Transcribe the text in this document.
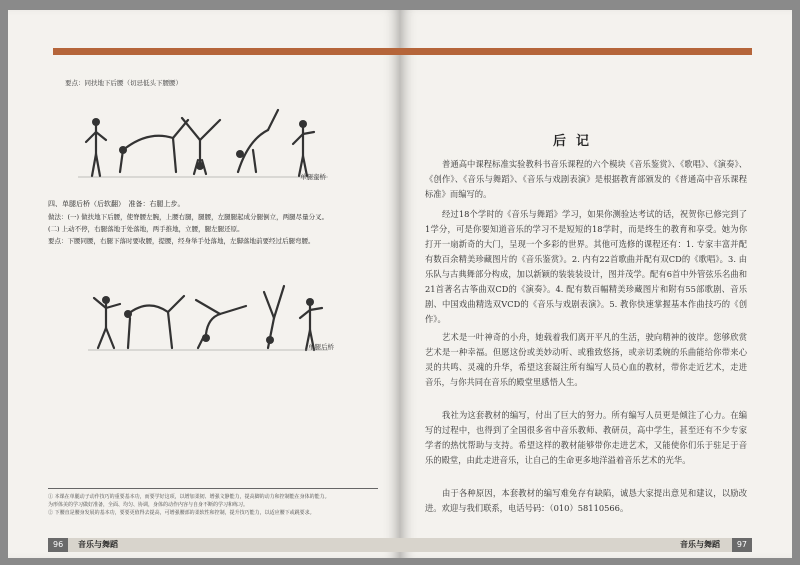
要点：同扶地下后腰（切忌低头下腰腰）
单腿蛮桥
四、单腿后桥（后软翻）　准备：右腿上步。
做法：(一) 做扶地下后腰，使脊腰左腕，上腰右腿，腿腰，左腿腿起成分腿倒立，两腿尽量分叉。
(二) 上动不停，右腿落地于处落地，两手推地，立腰，腿左腿还原。
要点：下腰同腰，右腿下落时要收腰，提腰，经身举手处落地，左脚落地前要经过后腿弯腰。
单腿后桥
① 本课在单腿动子动作技巧的重要基本功，而要学好这项，以增加柔韧、增强文静能力，提高脚的动力和控制能在身体的能力。
为形体美的学习做好准备，全面、均匀、协调，身体的动作内容与自身不断的学习和练习。
② 下腰直是腰身发展的基本功，要要更值得去提高，可增强腰部的柔软性和控制，提升技巧能力，以适应腰下或跳要求。
96	音乐与舞蹈
后记
普通高中课程标准实验教科书音乐课程的六个模块《音乐鉴赏》、《歌唱》、《演奏》、《创作》、《音乐与舞蹈》、《音乐与戏剧表演》是根据教育部颁发的《普通高中音乐课程标准》而编写的。
经过18个学时的《音乐与舞蹈》学习，如果你测验达考试的话，祝贺你已修完到了1学分，可是你要知道音乐的学习不是短短的18学时，而是终生的教育和享受。她为你打开一扇新奇的大门，呈现一个多彩的世界。其他可选修的课程还有：1. 专家丰富并配有数百余精美珍藏图片的《音乐鉴赏》。2. 内有22首歌曲并配有双CD的《歌唱》。3. 由乐队与古典舞部分构成，加以新颖的装装装设计，图并茂学。配有6首中外管弦乐名曲和21首著名古筝曲双CD的《演奏》。4. 配有数百幅精美珍藏图片和附有55部歌剧、音乐剧、中国戏曲精选双VCD的《音乐与戏剧表演》。5. 教你快速掌握基本作曲技巧的《创作》。
艺术是一叶神奇的小舟，她载着我们离开平凡的生活，驶向精神的彼岸。您够欣赏艺术是一种幸福。但愿这份或美妙动听、或雅致悠扬，或亲切柔婉的乐曲能给你带来心灵的共鸣、灵魂的升华，希望这套凝注所有编写人员心血的教材，带你走近艺术，走进音乐，与你共同在音乐的殿堂里感悟人生。
我社为这套教材的编写，付出了巨大的努力。所有编写人员更是倾注了心力。在编写的过程中，也得到了全国很多省中音乐教师、教研员，高中学生，甚至还有不少专家学者的热忱帮助与支持。希望这样的教材能够带你走进艺术，又能使你们乐于驻足于音乐的殿堂，由此走进音乐，让自己的生命更多地洋溢着音乐艺术的光华。
由于各种原因，本套教材的编写难免存有缺陷，诚恳大家提出意见和建议，以励改进。欢迎与我们联系，电话号码：（010）58110566。
音乐与舞蹈	97
